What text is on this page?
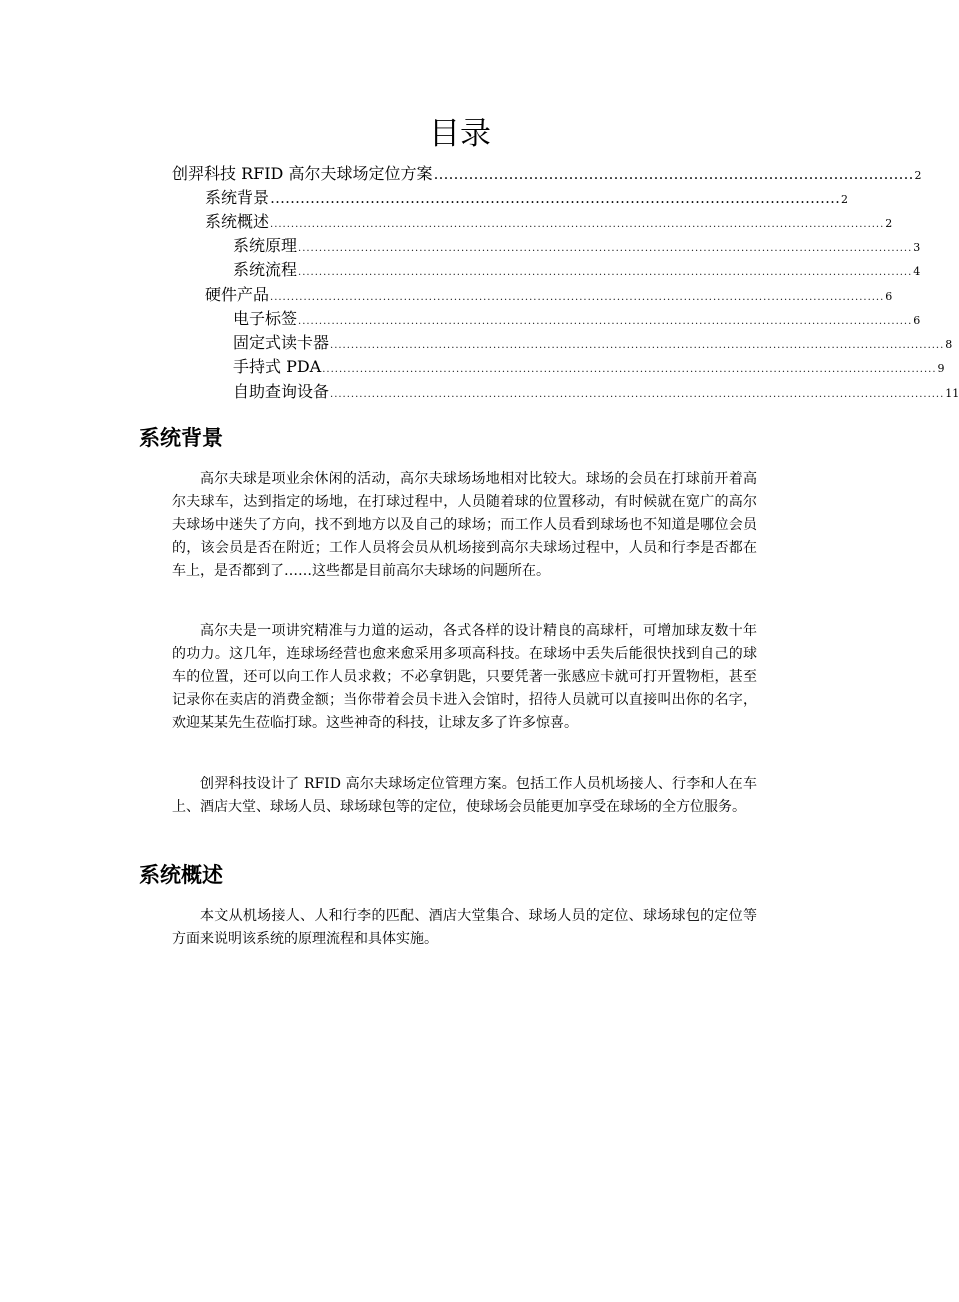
目录
创羿科技 RFID 高尔夫球场定位方案 …………………………………………………………………………………… 2
系统背景 …………………………………………………………………………………………………… 2
系统概述 ................................................................................................................................................... 2
系统原理 ................................................................................................................................................... 3
系统流程 ................................................................................................................................................... 4
硬件产品 ................................................................................................................................................... 6
电子标签 ................................................................................................................................................... 6
固定式读卡器 ................................................................................................................................................... 8
手持式 PDA ................................................................................................................................................... 9
自助查询设备 ................................................................................................................................................... 11
系统背景

高尔夫球是项业余休闲的活动，高尔夫球场场地相对比较大。球场的会员在打球前开着高尔夫球车，达到指定的场地，在打球过程中，人员随着球的位置移动，有时候就在宽广的高尔夫球场中迷失了方向，找不到地方以及自己的球场；而工作人员看到球场也不知道是哪位会员的，该会员是否在附近；工作人员将会员从机场接到高尔夫球场过程中，人员和行李是否都在车上，是否都到了……这些都是目前高尔夫球场的问题所在。

高尔夫是一项讲究精准与力道的运动，各式各样的设计精良的高球杆，可增加球友数十年的功力。这几年，连球场经营也愈来愈采用多项高科技。在球场中丢失后能很快找到自己的球车的位置，还可以向工作人员求救；不必拿钥匙，只要凭著一张感应卡就可打开置物柜，甚至记录你在卖店的消费金额；当你带着会员卡进入会馆时，招待人员就可以直接叫出你的名字，欢迎某某先生莅临打球。这些神奇的科技，让球友多了许多惊喜。

创羿科技设计了 RFID 高尔夫球场定位管理方案。包括工作人员机场接人、行李和人在车上、酒店大堂、球场人员、球场球包等的定位，使球场会员能更加享受在球场的全方位服务。

系统概述

本文从机场接人、人和行李的匹配、酒店大堂集合、球场人员的定位、球场球包的定位等方面来说明该系统的原理流程和具体实施。
